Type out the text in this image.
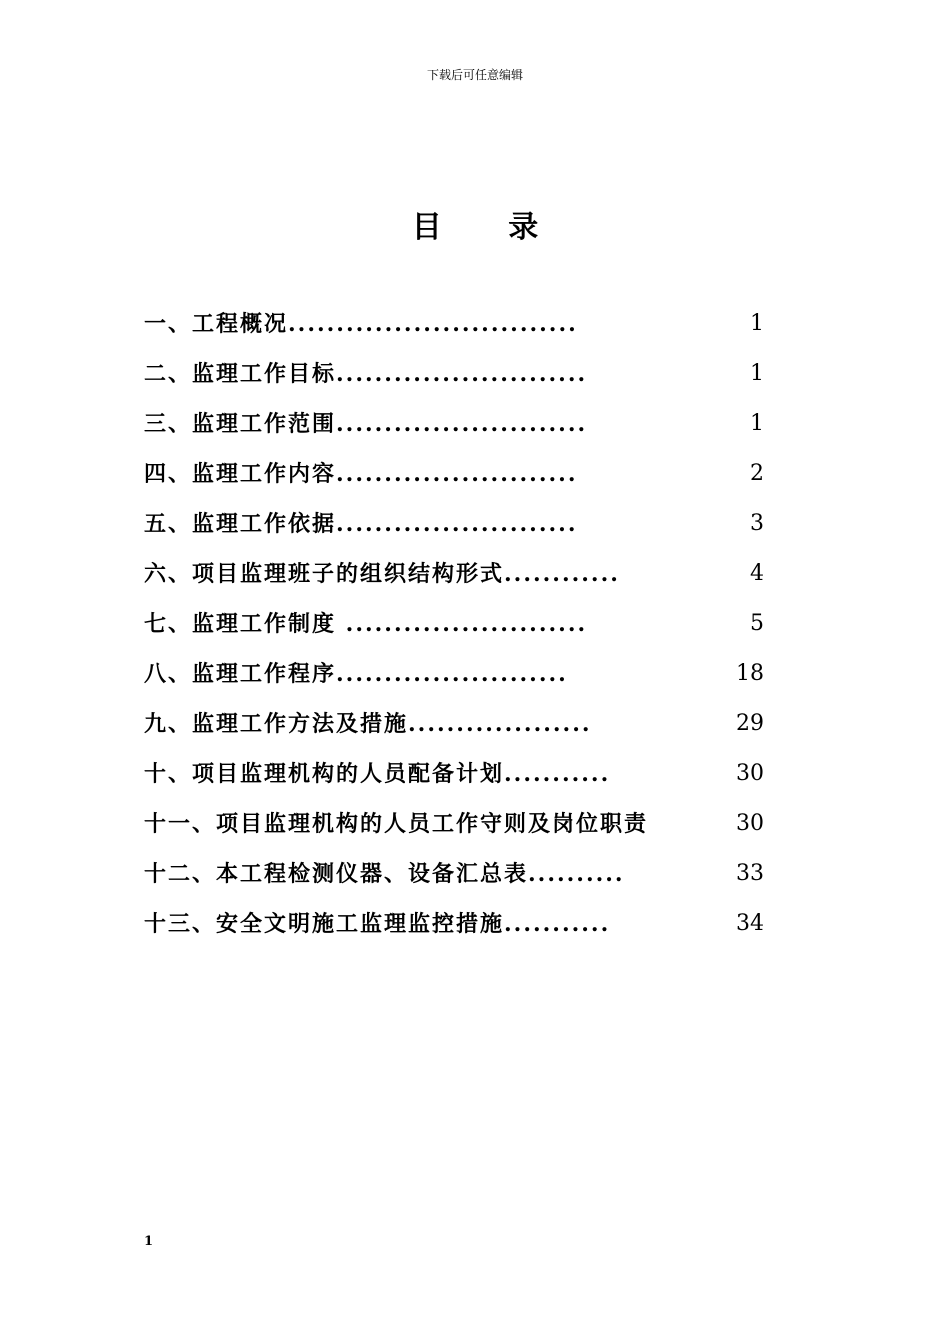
下载后可任意编辑
目 录
一、工程概况..............................	1
二、监理工作目标..........................	1
三、监理工作范围..........................	1
四、监理工作内容.........................	2
五、监理工作依据.........................	3
六、项目监理班子的组织结构形式............	4
七、监理工作制度 .........................	5
八、监理工作程序........................	18
九、监理工作方法及措施...................	29
十、项目监理机构的人员配备计划...........	30
十一、项目监理机构的人员工作守则及岗位职责	30
十二、本工程检测仪器、设备汇总表..........	33
十三、安全文明施工监理监控措施...........	34
1
